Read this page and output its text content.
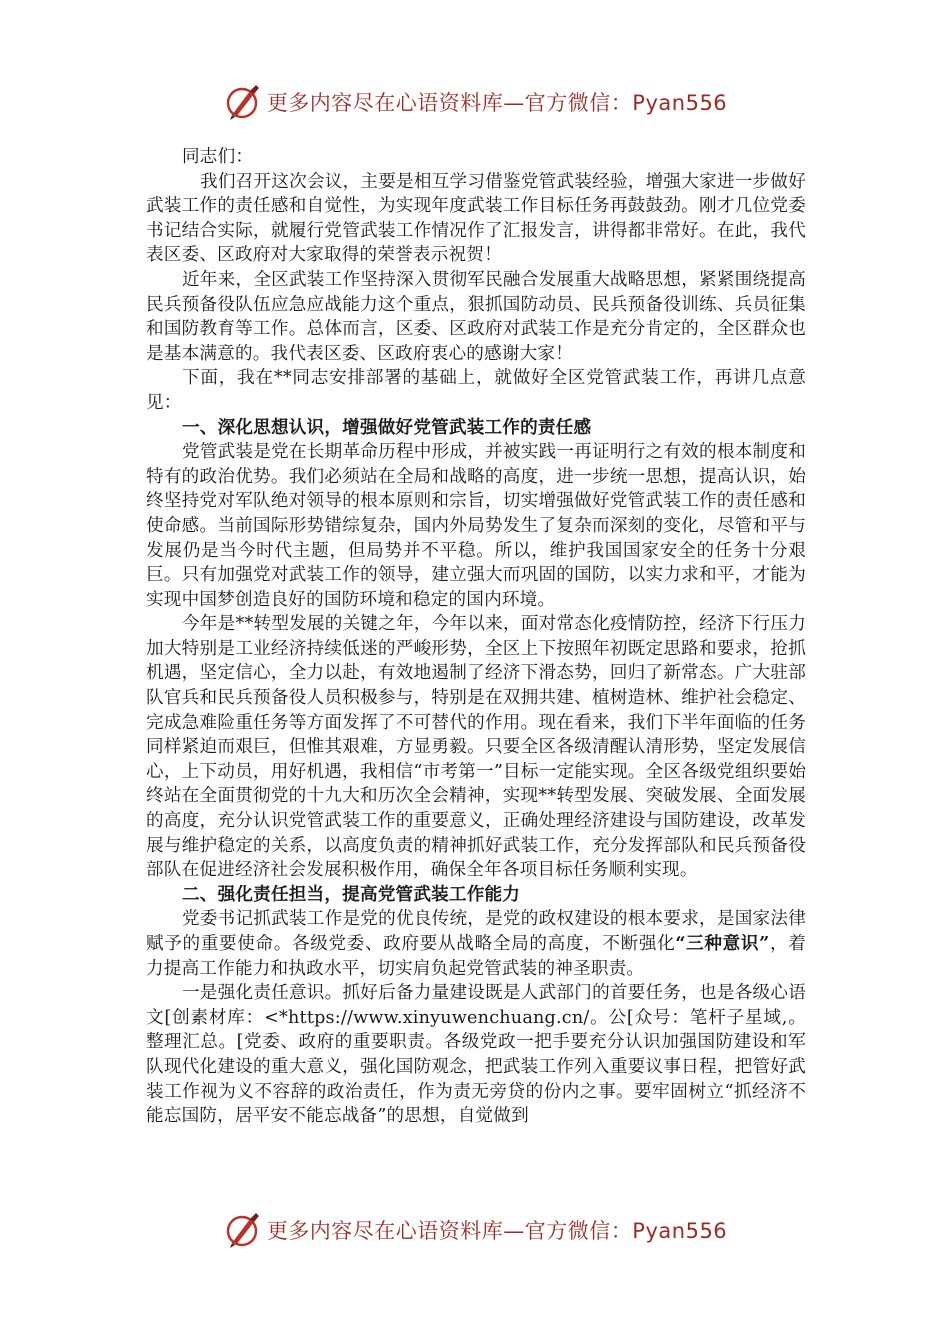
更多内容尽在心语资料库—官方微信：Pyan556

同志们：

我们召开这次会议，主要是相互学习借鉴党管武装经验，增强大家进一步做好武装工作的责任感和自觉性，为实现年度武装工作目标任务再鼓鼓劲。刚才几位党委书记结合实际，就履行党管武装工作情况作了汇报发言，讲得都非常好。在此，我代表区委、区政府对大家取得的荣誉表示祝贺！

近年来，全区武装工作坚持深入贯彻军民融合发展重大战略思想，紧紧围绕提高民兵预备役队伍应急应战能力这个重点，狠抓国防动员、民兵预备役训练、兵员征集和国防教育等工作。总体而言，区委、区政府对武装工作是充分肯定的，全区群众也是基本满意的。我代表区委、区政府衷心的感谢大家！

下面，我在**同志安排部署的基础上，就做好全区党管武装工作，再讲几点意见：

一、深化思想认识，增强做好党管武装工作的责任感

党管武装是党在长期革命历程中形成，并被实践一再证明行之有效的根本制度和特有的政治优势。我们必须站在全局和战略的高度，进一步统一思想，提高认识，始终坚持党对军队绝对领导的根本原则和宗旨，切实增强做好党管武装工作的责任感和使命感。当前国际形势错综复杂，国内外局势发生了复杂而深刻的变化，尽管和平与发展仍是当今时代主题，但局势并不平稳。所以，维护我国国家安全的任务十分艰巨。只有加强党对武装工作的领导，建立强大而巩固的国防，以实力求和平，才能为实现中国梦创造良好的国防环境和稳定的国内环境。

今年是**转型发展的关键之年，今年以来，面对常态化疫情防控，经济下行压力加大特别是工业经济持续低迷的严峻形势，全区上下按照年初既定思路和要求，抢抓机遇，坚定信心，全力以赴，有效地遏制了经济下滑态势，回归了新常态。广大驻部队官兵和民兵预备役人员积极参与，特别是在双拥共建、植树造林、维护社会稳定、完成急难险重任务等方面发挥了不可替代的作用。现在看来，我们下半年面临的任务同样紧迫而艰巨，但惟其艰难，方显勇毅。只要全区各级清醒认清形势，坚定发展信心，上下动员，用好机遇，我相信“市考第一”目标一定能实现。全区各级党组织要始终站在全面贯彻党的十九大和历次全会精神，实现**转型发展、突破发展、全面发展的高度，充分认识党管武装工作的重要意义，正确处理经济建设与国防建设，改革发展与维护稳定的关系，以高度负责的精神抓好武装工作，充分发挥部队和民兵预备役部队在促进经济社会发展积极作用，确保全年各项目标任务顺利实现。

二、强化责任担当，提高党管武装工作能力

党委书记抓武装工作是党的优良传统，是党的政权建设的根本要求，是国家法律赋予的重要使命。各级党委、政府要从战略全局的高度，不断强化“三种意识”，着力提高工作能力和执政水平，切实肩负起党管武装的神圣职责。

一是强化责任意识。抓好后备力量建设既是人武部门的首要任务，也是各级心语文[创素材库：<*https://www.xinyuwenchuang.cn/。公[众号：笔杆子星域,。整理汇总。[党委、政府的重要职责。各级党政一把手要充分认识加强国防建设和军队现代化建设的重大意义，强化国防观念，把武装工作列入重要议事日程，把管好武装工作视为义不容辞的政治责任，作为责无旁贷的份内之事。要牢固树立“抓经济不能忘国防，居平安不能忘战备”的思想，自觉做到

更多内容尽在心语资料库—官方微信：Pyan556
